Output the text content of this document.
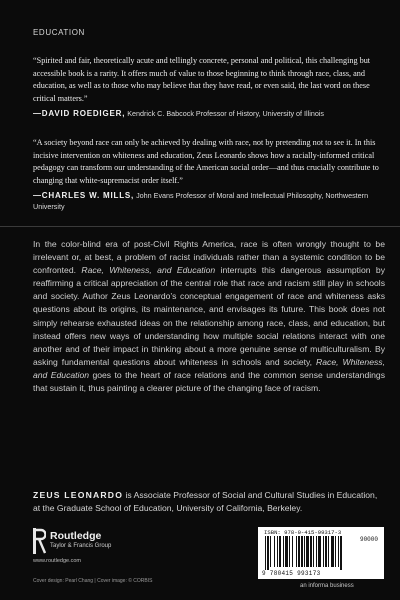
EDUCATION
“Spirited and fair, theoretically acute and tellingly concrete, personal and political, this challenging but accessible book is a rarity. It offers much of value to those beginning to think through race, class, and education, as well as to those who may believe that they have read, or even said, the last word on these critical matters.”
—DAVID ROEDIGER, Kendrick C. Babcock Professor of History, University of Illinois
“A society beyond race can only be achieved by dealing with race, not by pretending not to see it. In this incisive intervention on whiteness and education, Zeus Leonardo shows how a racially-informed critical pedagogy can transform our understanding of the American social order—and thus crucially contribute to changing that white-supremacist order itself.”
—CHARLES W. MILLS, John Evans Professor of Moral and Intellectual Philosophy, Northwestern University
In the color-blind era of post-Civil Rights America, race is often wrongly thought to be irrelevant or, at best, a problem of racist individuals rather than a systemic condition to be confronted. Race, Whiteness, and Education interrupts this dangerous assumption by reaffirming a critical appreciation of the central role that race and racism still play in schools and society. Author Zeus Leonardo’s conceptual engagement of race and whiteness asks questions about its origins, its maintenance, and envisages its future. This book does not simply rehearse exhausted ideas on the relationship among race, class, and education, but instead offers new ways of understanding how multiple social relations interact with one another and of their impact in thinking about a more genuine sense of multiculturalism. By asking fundamental questions about whiteness in schools and society, Race, Whiteness, and Education goes to the heart of race relations and the common sense understandings that sustain it, thus painting a clearer picture of the changing face of racism.
ZEUS LEONARDO is Associate Professor of Social and Cultural Studies in Education, at the Graduate School of Education, University of California, Berkeley.
Routledge
Taylor & Francis Group
www.routledge.com
Cover design: Pearl Chang | Cover image: © CORBIS
ISBN: 978-0-415-99317-3
90000
9 780415 993173
an informa business
